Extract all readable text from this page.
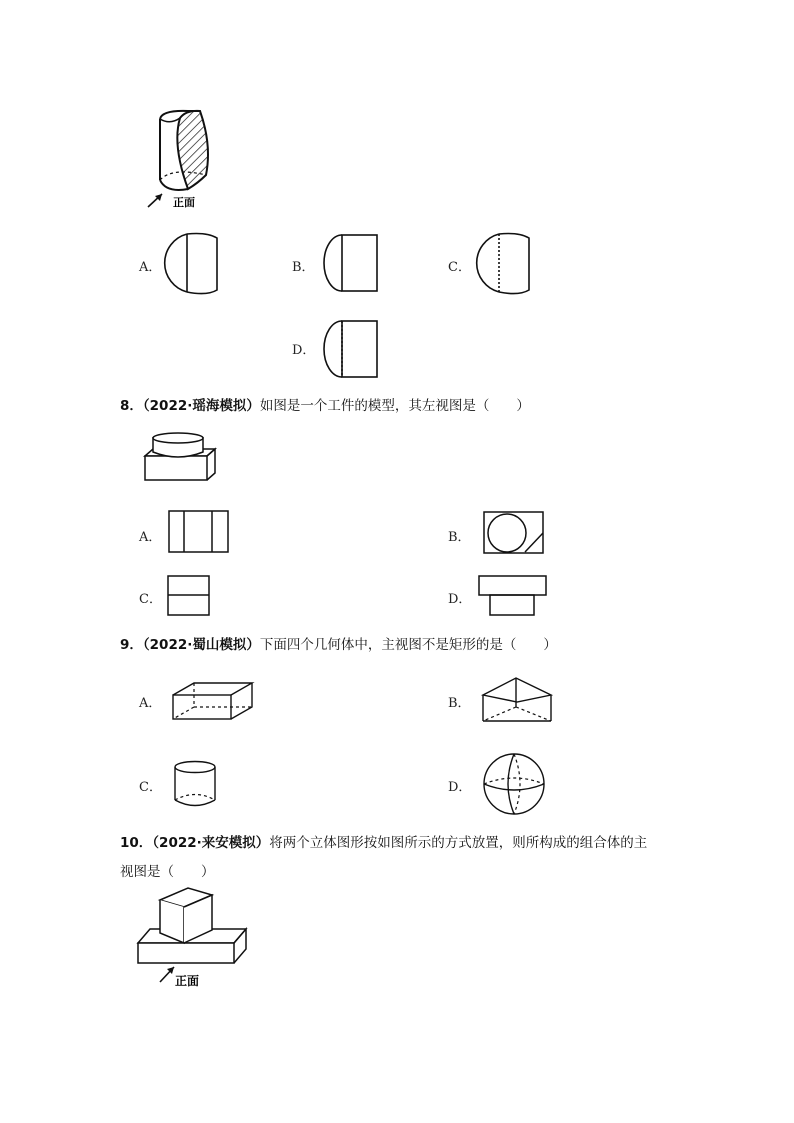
正面
A．	B．	C．
D．
8．（2022·瑶海模拟）如图是一个工件的模型，其左视图是（　　）
A．	B．
C．	D．
9．（2022·蜀山模拟）下面四个几何体中，主视图不是矩形的是（　　）
A．	B．
C．	D．
10．（2022·来安模拟）将两个立体图形按如图所示的方式放置，则所构成的组合体的主
视图是（　　）
正面
